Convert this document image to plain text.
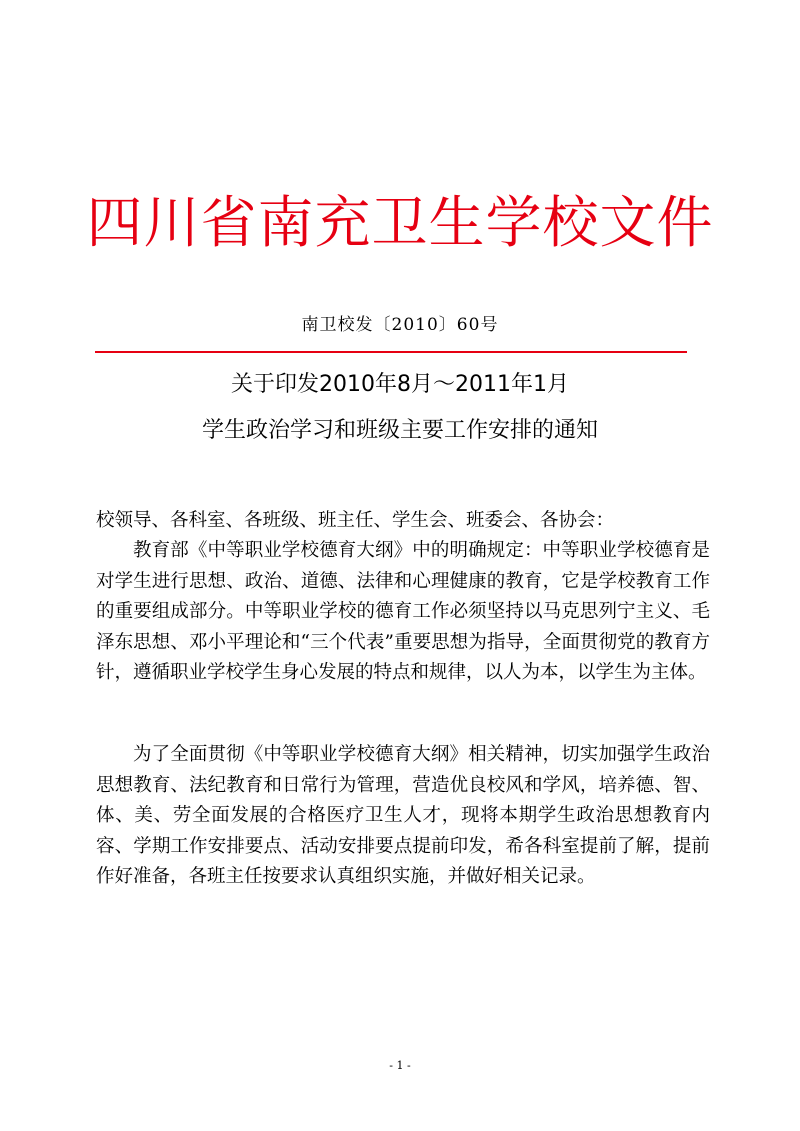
四川省南充卫生学校文件
南卫校发〔2010〕60号
关于印发2010年8月～2011年1月
学生政治学习和班级主要工作安排的通知
校领导、各科室、各班级、班主任、学生会、班委会、各协会：

教育部《中等职业学校德育大纲》中的明确规定：中等职业学校德育是对学生进行思想、政治、道德、法律和心理健康的教育，它是学校教育工作的重要组成部分。中等职业学校的德育工作必须坚持以马克思列宁主义、毛泽东思想、邓小平理论和“三个代表”重要思想为指导，全面贯彻党的教育方针，遵循职业学校学生身心发展的特点和规律，以人为本，以学生为主体。

为了全面贯彻《中等职业学校德育大纲》相关精神，切实加强学生政治思想教育、法纪教育和日常行为管理，营造优良校风和学风，培养德、智、体、美、劳全面发展的合格医疗卫生人才，现将本期学生政治思想教育内容、学期工作安排要点、活动安排要点提前印发，希各科室提前了解，提前作好准备，各班主任按要求认真组织实施，并做好相关记录。

- 1 -
